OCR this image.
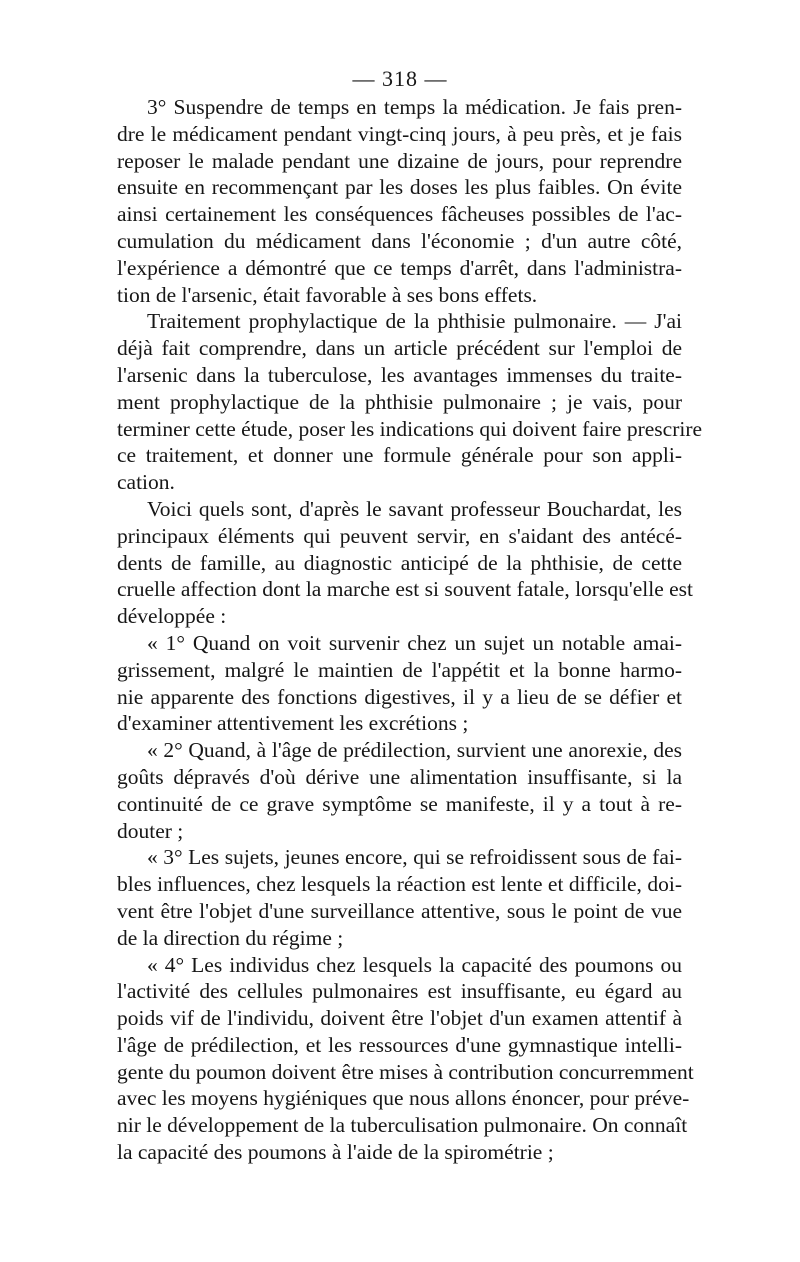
— 318 —
3° Suspendre de temps en temps la médication. Je fais pren-
dre le médicament pendant vingt-cinq jours, à peu près, et je fais
reposer le malade pendant une dizaine de jours, pour reprendre
ensuite en recommençant par les doses les plus faibles. On évite
ainsi certainement les conséquences fâcheuses possibles de l'ac-
cumulation du médicament dans l'économie ; d'un autre côté,
l'expérience a démontré que ce temps d'arrêt, dans l'administra-
tion de l'arsenic, était favorable à ses bons effets.
Traitement prophylactique de la phthisie pulmonaire. — J'ai
déjà fait comprendre, dans un article précédent sur l'emploi de
l'arsenic dans la tuberculose, les avantages immenses du traite-
ment prophylactique de la phthisie pulmonaire ; je vais, pour
terminer cette étude, poser les indications qui doivent faire prescrire
ce traitement, et donner une formule générale pour son appli-
cation.
Voici quels sont, d'après le savant professeur Bouchardat, les
principaux éléments qui peuvent servir, en s'aidant des antécé-
dents de famille, au diagnostic anticipé de la phthisie, de cette
cruelle affection dont la marche est si souvent fatale, lorsqu'elle est
développée :
« 1° Quand on voit survenir chez un sujet un notable amai-
grissement, malgré le maintien de l'appétit et la bonne harmo-
nie apparente des fonctions digestives, il y a lieu de se défier et
d'examiner attentivement les excrétions ;
« 2° Quand, à l'âge de prédilection, survient une anorexie, des
goûts dépravés d'où dérive une alimentation insuffisante, si la
continuité de ce grave symptôme se manifeste, il y a tout à re-
douter ;
« 3° Les sujets, jeunes encore, qui se refroidissent sous de fai-
bles influences, chez lesquels la réaction est lente et difficile, doi-
vent être l'objet d'une surveillance attentive, sous le point de vue
de la direction du régime ;
« 4° Les individus chez lesquels la capacité des poumons ou
l'activité des cellules pulmonaires est insuffisante, eu égard au
poids vif de l'individu, doivent être l'objet d'un examen attentif à
l'âge de prédilection, et les ressources d'une gymnastique intelli-
gente du poumon doivent être mises à contribution concurremment
avec les moyens hygiéniques que nous allons énoncer, pour préve-
nir le développement de la tuberculisation pulmonaire. On connaît
la capacité des poumons à l'aide de la spirométrie ;
